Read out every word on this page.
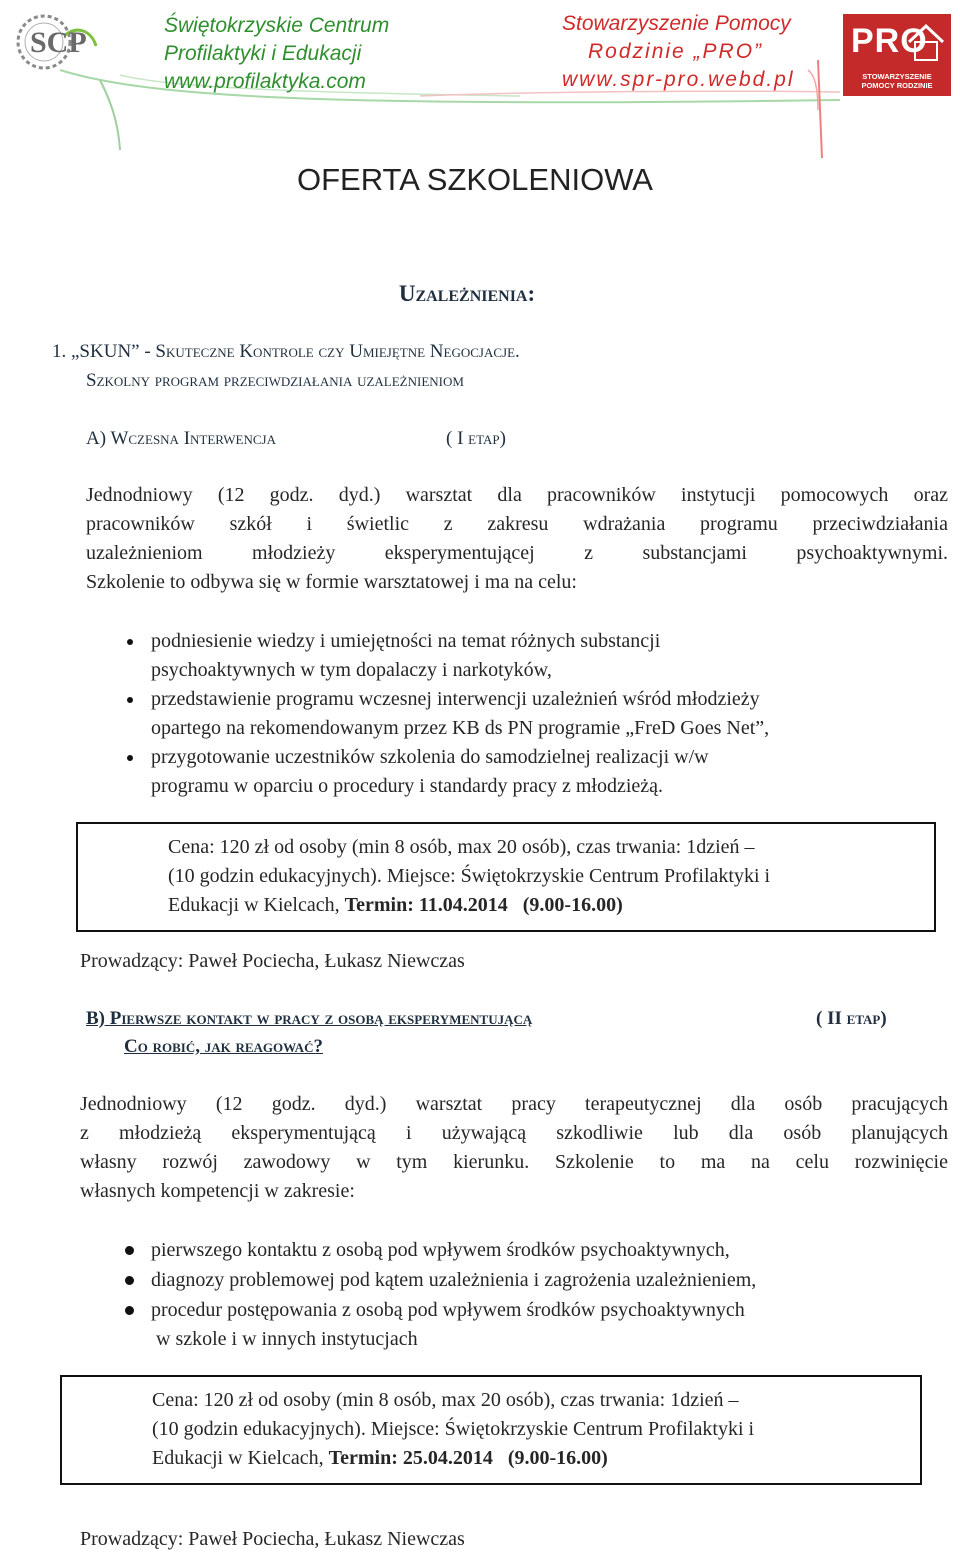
SCP
Świętokrzyskie Centrum
Profilaktyki i Edukacji
www.profilaktyka.com
Stowarzyszenie Pomocy
Rodzinie „PRO”
www.spr-pro.webd.pl
PRO
STOWARZYSZENIE POMOCY RODZINIE
OFERTA SZKOLENIOWA
Uzależnienia:
1. „SKUN” - Skuteczne Kontrole czy Umiejętne Negocjacje.
Szkolny program przeciwdziałania uzależnieniom
A) Wczesna Interwencja	( I etap)
Jednodniowy (12 godz. dyd.) warsztat dla pracowników instytucji pomocowych oraz
pracowników szkół i świetlic z zakresu wdrażania programu przeciwdziałania
uzależnieniom młodzieży eksperymentującej z substancjami psychoaktywnymi.
Szkolenie to odbywa się w formie warsztatowej i ma na celu:
podniesienie wiedzy i umiejętności na temat różnych substancji
psychoaktywnych w tym dopalaczy i narkotyków,
przedstawienie programu wczesnej interwencji uzależnień wśród młodzieży
opartego na rekomendowanym przez KB ds PN programie „FreD Goes Net”,
przygotowanie uczestników szkolenia do samodzielnej realizacji w/w
programu w oparciu o procedury i standardy pracy z młodzieżą.
Cena: 120 zł od osoby (min 8 osób, max 20 osób), czas trwania: 1dzień –
(10 godzin edukacyjnych). Miejsce: Świętokrzyskie Centrum Profilaktyki i
Edukacji w Kielcach, Termin: 11.04.2014   (9.00-16.00)
Prowadzący: Paweł Pociecha, Łukasz Niewczas
B) Pierwsze kontakt w pracy z osobą eksperymentującą
Co robić, jak reagować?
( II etap)
Jednodniowy (12 godz. dyd.) warsztat pracy terapeutycznej dla osób pracujących
z młodzieżą eksperymentującą i używającą szkodliwie lub dla osób planujących
własny rozwój zawodowy w tym kierunku. Szkolenie to ma na celu rozwinięcie
własnych kompetencji w zakresie:
pierwszego kontaktu z osobą pod wpływem środków psychoaktywnych,
diagnozy problemowej pod kątem uzależnienia i zagrożenia uzależnieniem,
procedur postępowania z osobą pod wpływem środków psychoaktywnych
w szkole i w innych instytucjach
Cena: 120 zł od osoby (min 8 osób, max 20 osób), czas trwania: 1dzień –
(10 godzin edukacyjnych). Miejsce: Świętokrzyskie Centrum Profilaktyki i
Edukacji w Kielcach, Termin: 25.04.2014   (9.00-16.00)
Prowadzący: Paweł Pociecha, Łukasz Niewczas
